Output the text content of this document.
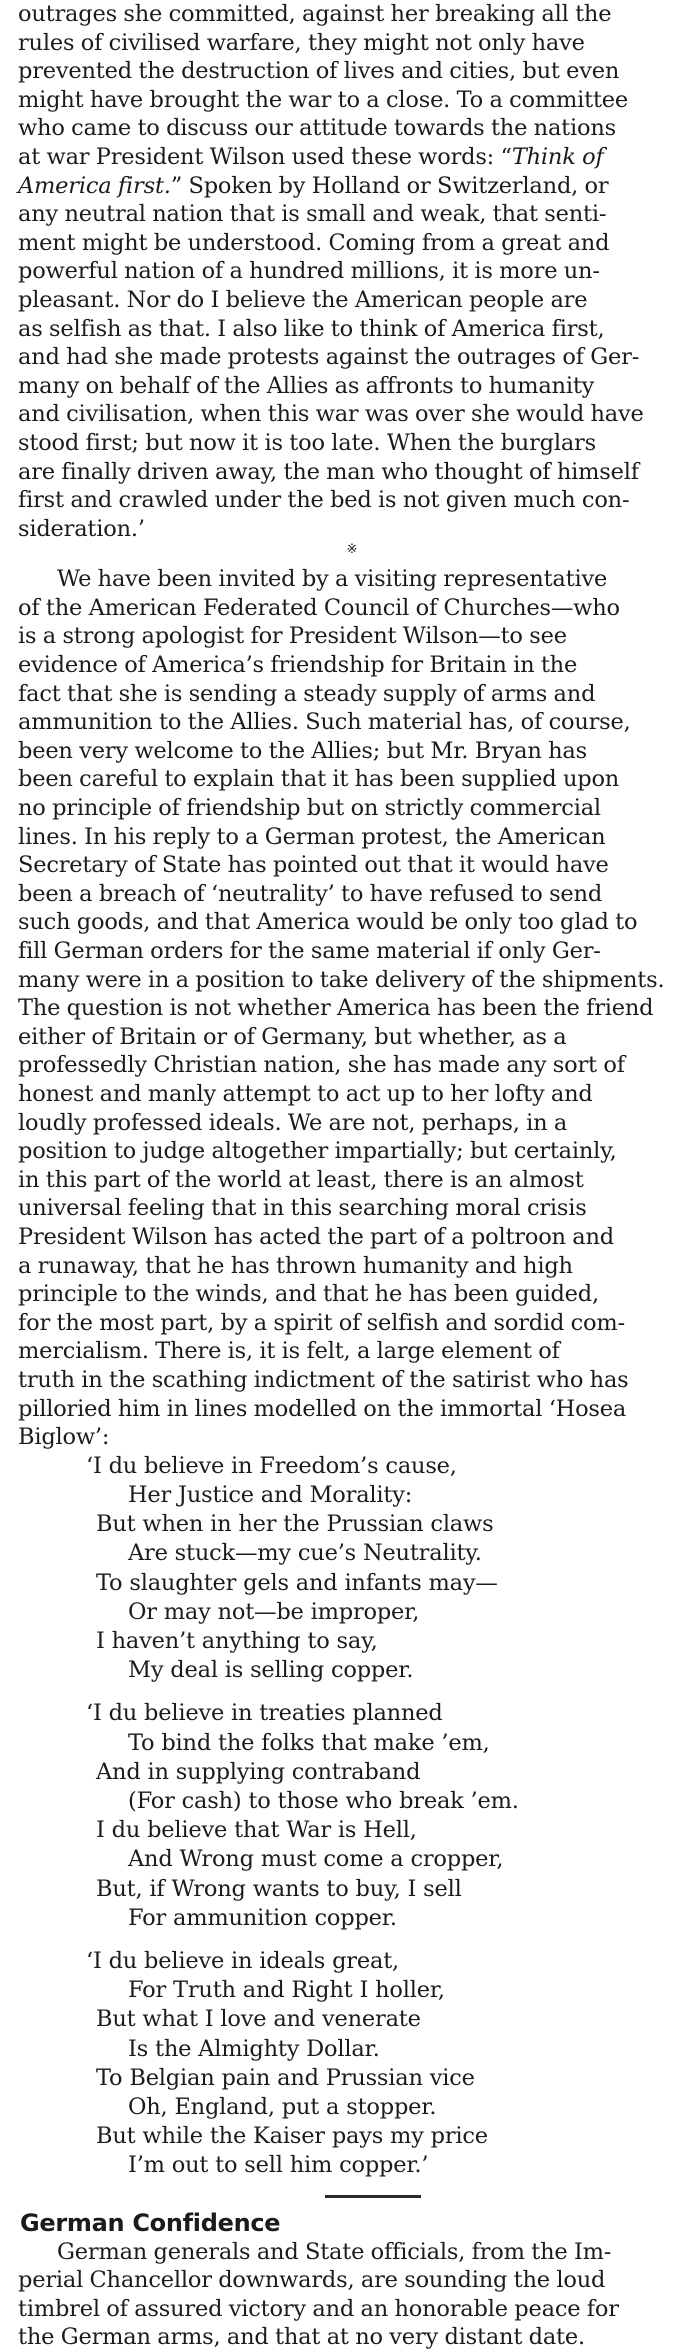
outrages she committed, against her breaking all the

rules of civilised warfare, they might not only have

prevented the destruction of lives and cities, but even

might have brought the war to a close. To a committee

who came to discuss our attitude towards the nations

at war President Wilson used these words: “Think of

America first.” Spoken by Holland or Switzerland, or

any neutral nation that is small and weak, that senti-

ment might be understood. Coming from a great and

powerful nation of a hundred millions, it is more un-

pleasant. Nor do I believe the American people are

as selfish as that. I also like to think of America first,

and had she made protests against the outrages of Ger-

many on behalf of the Allies as affronts to humanity

and civilisation, when this war was over she would have

stood first; but now it is too late. When the burglars

are finally driven away, the man who thought of himself

first and crawled under the bed is not given much con-

sideration.’

※

We have been invited by a visiting representative

of the American Federated Council of Churches—who

is a strong apologist for President Wilson—to see

evidence of America’s friendship for Britain in the

fact that she is sending a steady supply of arms and

ammunition to the Allies. Such material has, of course,

been very welcome to the Allies; but Mr. Bryan has

been careful to explain that it has been supplied upon

no principle of friendship but on strictly commercial

lines. In his reply to a German protest, the American

Secretary of State has pointed out that it would have

been a breach of ‘neutrality’ to have refused to send

such goods, and that America would be only too glad to

fill German orders for the same material if only Ger-

many were in a position to take delivery of the shipments.

The question is not whether America has been the friend

either of Britain or of Germany, but whether, as a

professedly Christian nation, she has made any sort of

honest and manly attempt to act up to her lofty and

loudly professed ideals. We are not, perhaps, in a

position to judge altogether impartially; but certainly,

in this part of the world at least, there is an almost

universal feeling that in this searching moral crisis

President Wilson has acted the part of a poltroon and

a runaway, that he has thrown humanity and high

principle to the winds, and that he has been guided,

for the most part, by a spirit of selfish and sordid com-

mercialism. There is, it is felt, a large element of

truth in the scathing indictment of the satirist who has

pilloried him in lines modelled on the immortal ‘Hosea

Biglow’:

‘I du believe in Freedom’s cause,

Her Justice and Morality:

But when in her the Prussian claws

Are stuck—my cue’s Neutrality.

To slaughter gels and infants may—

Or may not—be improper,

I haven’t anything to say,

My deal is selling copper.

‘I du believe in treaties planned

To bind the folks that make ’em,

And in supplying contraband

(For cash) to those who break ’em.

I du believe that War is Hell,

And Wrong must come a cropper,

But, if Wrong wants to buy, I sell

For ammunition copper.

‘I du believe in ideals great,

For Truth and Right I holler,

But what I love and venerate

Is the Almighty Dollar.

To Belgian pain and Prussian vice

Oh, England, put a stopper.

But while the Kaiser pays my price

I’m out to sell him copper.’

German Confidence

German generals and State officials, from the Im-

perial Chancellor downwards, are sounding the loud

timbrel of assured victory and an honorable peace for

the German arms, and that at no very distant date.
